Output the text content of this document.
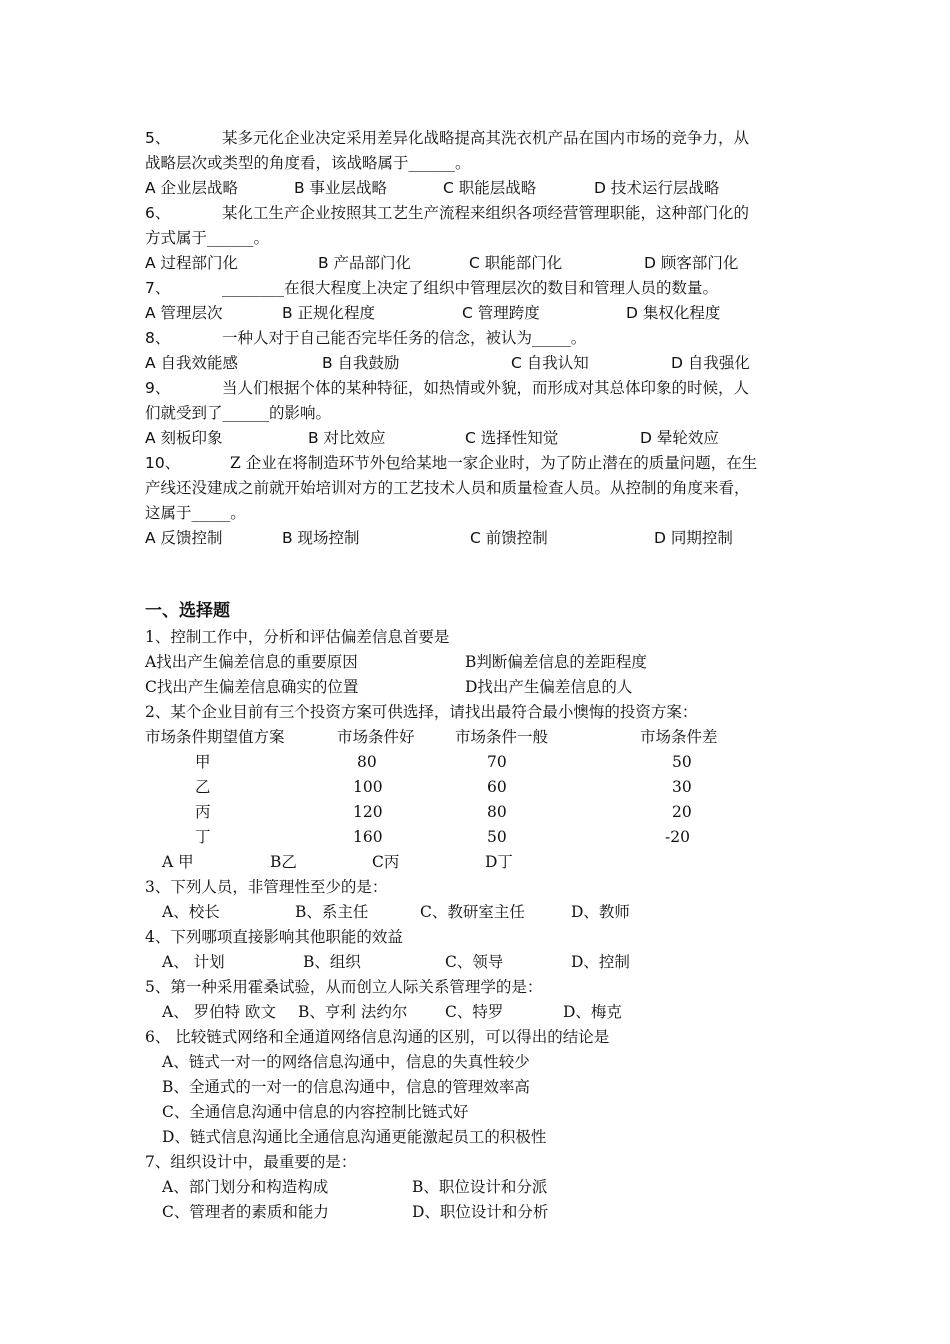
5、	某多元化企业决定采用差异化战略提高其洗衣机产品在国内市场的竞争力，从
战略层次或类型的角度看，该战略属于______。
A 企业层战略	B 事业层战略	C 职能层战略	D 技术运行层战略
6、	某化工生产企业按照其工艺生产流程来组织各项经营管理职能，这种部门化的
方式属于______。
A 过程部门化	B 产品部门化	C 职能部门化	D 顾客部门化
7、	________在很大程度上决定了组织中管理层次的数目和管理人员的数量。
A 管理层次	B 正规化程度	C 管理跨度	D 集权化程度
8、	一种人对于自己能否完毕任务的信念，被认为_____。
A 自我效能感	B 自我鼓励	C 自我认知	D 自我强化
9、	当人们根据个体的某种特征，如热情或外貌，而形成对其总体印象的时候，人
们就受到了______的影响。
A 刻板印象	B 对比效应	C 选择性知觉	D 晕轮效应
10、	Z 企业在将制造环节外包给某地一家企业时，为了防止潜在的质量问题，在生
产线还没建成之前就开始培训对方的工艺技术人员和质量检查人员。从控制的角度来看，
这属于_____。
A 反馈控制	B 现场控制	C 前馈控制	D 同期控制
一、选择题
1、控制工作中，分析和评估偏差信息首要是
A找出产生偏差信息的重要原因	B判断偏差信息的差距程度
C找出产生偏差信息确实的位置	D找出产生偏差信息的人
2、某个企业目前有三个投资方案可供选择，请找出最符合最小懊悔的投资方案：
市场条件期望值方案	市场条件好	市场条件一般	市场条件差
甲	80	70	50
乙	100	60	30
丙	120	80	20
丁	160	50	-20
A 甲	B乙	C丙	D丁
3、下列人员，非管理性至少的是：
A、校长	B、系主任	C、教研室主任	D、教师
4、下列哪项直接影响其他职能的效益
A、 计划	B、组织	C、领导	D、控制
5、第一种采用霍桑试验，从而创立人际关系管理学的是：
A、 罗伯特 欧文 B、亨利 法约尔 C、特罗	D、梅克
6、 比较链式网络和全通道网络信息沟通的区别，可以得出的结论是
A、链式一对一的网络信息沟通中，信息的失真性较少
B、全通式的一对一的信息沟通中，信息的管理效率高
C、全通信息沟通中信息的内容控制比链式好
D、链式信息沟通比全通信息沟通更能激起员工的积极性
7、组织设计中，最重要的是：
A、部门划分和构造构成	B、职位设计和分派
C、管理者的素质和能力	D、职位设计和分析
